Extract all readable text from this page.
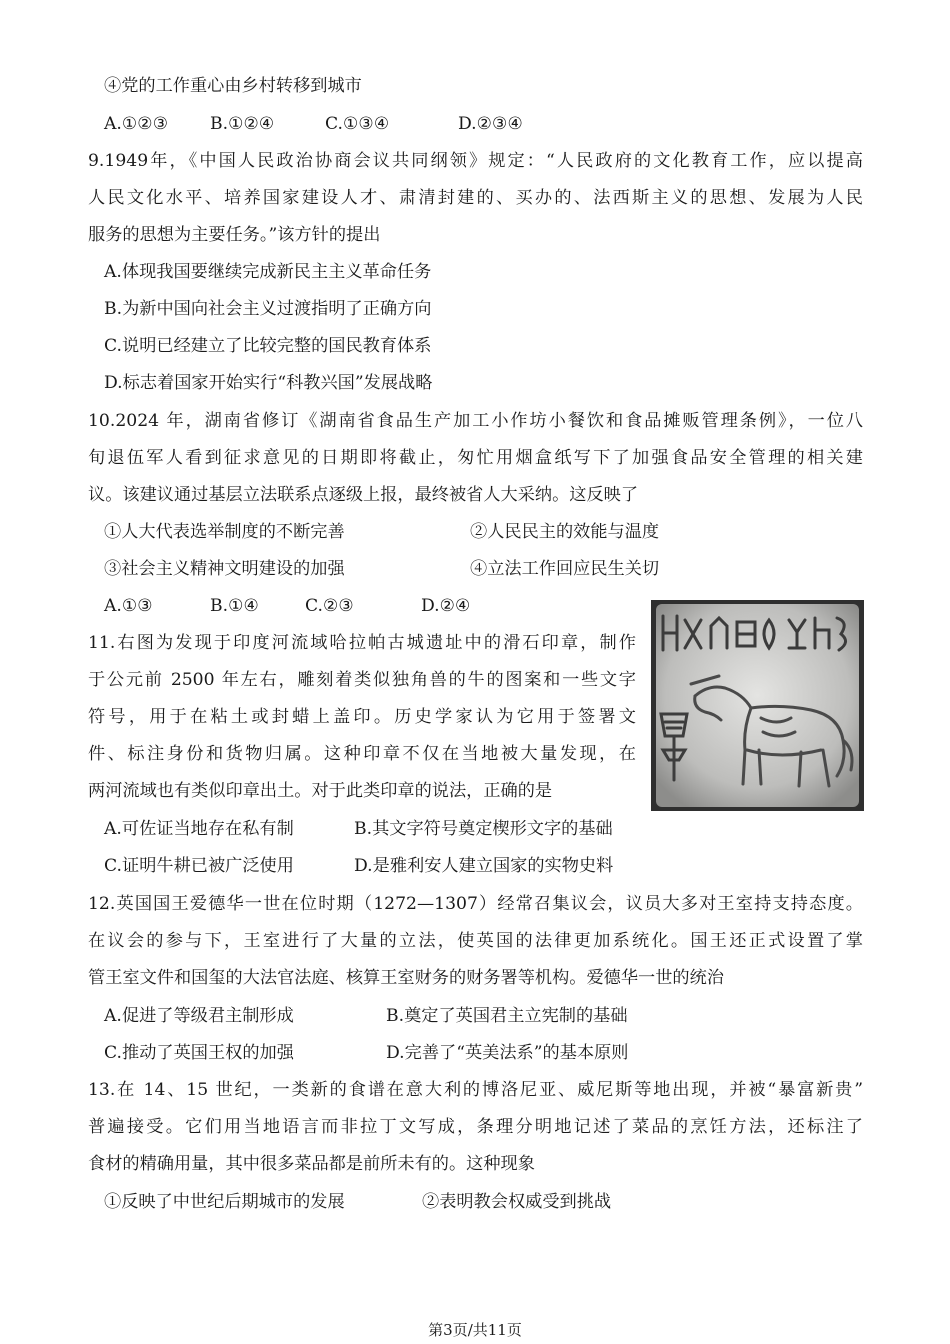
④党的工作重心由乡村转移到城市
A.①②③ B.①②④	C.①③④	D.②③④
9.1949年，《中国人民政治协商会议共同纲领》规定：“人民政府的文化教育工作，应以提高
人民文化水平、培养国家建设人才、肃清封建的、买办的、法西斯主义的思想、发展为人民
服务的思想为主要任务。”该方针的提出
A.体现我国要继续完成新民主主义革命任务
B.为新中国向社会主义过渡指明了正确方向
C.说明已经建立了比较完整的国民教育体系
D.标志着国家开始实行“科教兴国”发展战略
10.2024 年，湖南省修订《湖南省食品生产加工小作坊小餐饮和食品摊贩管理条例》，一位八
旬退伍军人看到征求意见的日期即将截止，匆忙用烟盒纸写下了加强食品安全管理的相关建
议。该建议通过基层立法联系点逐级上报，最终被省人大采纳。这反映了
①人大代表选举制度的不断完善	②人民民主的效能与温度
③社会主义精神文明建设的加强	④立法工作回应民生关切
A.①③	B.①④	C.②③	D.②④
11.右图为发现于印度河流域哈拉帕古城遗址中的滑石印章，制作
于公元前 2500 年左右，雕刻着类似独角兽的牛的图案和一些文字
符号，用于在粘土或封蜡上盖印。历史学家认为它用于签署文
件、标注身份和货物归属。这种印章不仅在当地被大量发现，在
两河流域也有类似印章出土。对于此类印章的说法，正确的是
A.可佐证当地存在私有制	B.其文字符号奠定楔形文字的基础
C.证明牛耕已被广泛使用	D.是雅利安人建立国家的实物史料
12.英国国王爱德华一世在位时期（1272—1307）经常召集议会，议员大多对王室持支持态度。
在议会的参与下，王室进行了大量的立法，使英国的法律更加系统化。国王还正式设置了掌
管王室文件和国玺的大法官法庭、核算王室财务的财务署等机构。爱德华一世的统治
A.促进了等级君主制形成	B.奠定了英国君主立宪制的基础
C.推动了英国王权的加强	D.完善了“英美法系”的基本原则
13.在 14、15 世纪，一类新的食谱在意大利的博洛尼亚、威尼斯等地出现，并被“暴富新贵”
普遍接受。它们用当地语言而非拉丁文写成，条理分明地记述了菜品的烹饪方法，还标注了
食材的精确用量，其中很多菜品都是前所未有的。这种现象
①反映了中世纪后期城市的发展	②表明教会权威受到挑战
第3页/共11页
